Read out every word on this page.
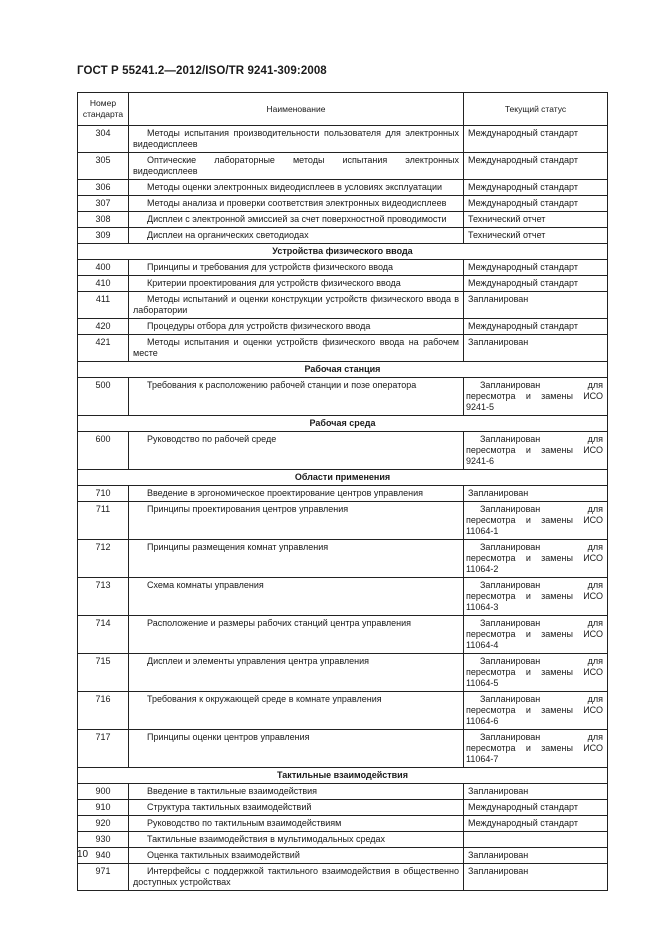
ГОСТ Р 55241.2—2012/ISO/TR 9241-309:2008
Номер стандарта	Наименование	Текущий статус
304	Методы испытания производительности пользователя для электронных видеодисплеев	Международный стандарт
305	Оптические лабораторные методы испытания электронных видеодисплеев	Международный стандарт
306	Методы оценки электронных видеодисплеев в условиях эксплуатации	Международный стандарт
307	Методы анализа и проверки соответствия электронных видеодисплеев	Международный стандарт
308	Дисплеи с электронной эмиссией за счет поверхностной проводимости	Технический отчет
309	Дисплеи на органических светодиодах	Технический отчет
Устройства физического ввода		
400	Принципы и требования для устройств физического ввода	Международный стандарт
410	Критерии проектирования для устройств физического ввода	Международный стандарт
411	Методы испытаний и оценки конструкции устройств физического ввода в лаборатории	Запланирован
420	Процедуры отбора для устройств физического ввода	Международный стандарт
421	Методы испытания и оценки устройств физического ввода на рабочем месте	Запланирован
Рабочая станция		
500	Требования к расположению рабочей станции и позе оператора	Запланирован для пересмотра и замены ИСО 9241-5
Рабочая среда		
600	Руководство по рабочей среде	Запланирован для пересмотра и замены ИСО 9241-6
Области применения		
710	Введение в эргономическое проектирование центров управления	Запланирован
711	Принципы проектирования центров управления	Запланирован для пересмотра и замены ИСО 11064-1
712	Принципы размещения комнат управления	Запланирован для пересмотра и замены ИСО 11064-2
713	Схема комнаты управления	Запланирован для пересмотра и замены ИСО 11064-3
714	Расположение и размеры рабочих станций центра управления	Запланирован для пересмотра и замены ИСО 11064-4
715	Дисплеи и элементы управления центра управления	Запланирован для пересмотра и замены ИСО 11064-5
716	Требования к окружающей среде в комнате управления	Запланирован для пересмотра и замены ИСО 11064-6
717	Принципы оценки центров управления	Запланирован для пересмотра и замены ИСО 11064-7
Тактильные взаимодействия		
900	Введение в тактильные взаимодействия	Запланирован
910	Структура тактильных взаимодействий	Международный стандарт
920	Руководство по тактильным взаимодействиям	Международный стандарт
930	Тактильные взаимодействия в мультимодальных средах	
940	Оценка тактильных взаимодействий	Запланирован
971	Интерфейсы с поддержкой тактильного взаимодействия в общественно доступных устройствах	Запланирован
10
